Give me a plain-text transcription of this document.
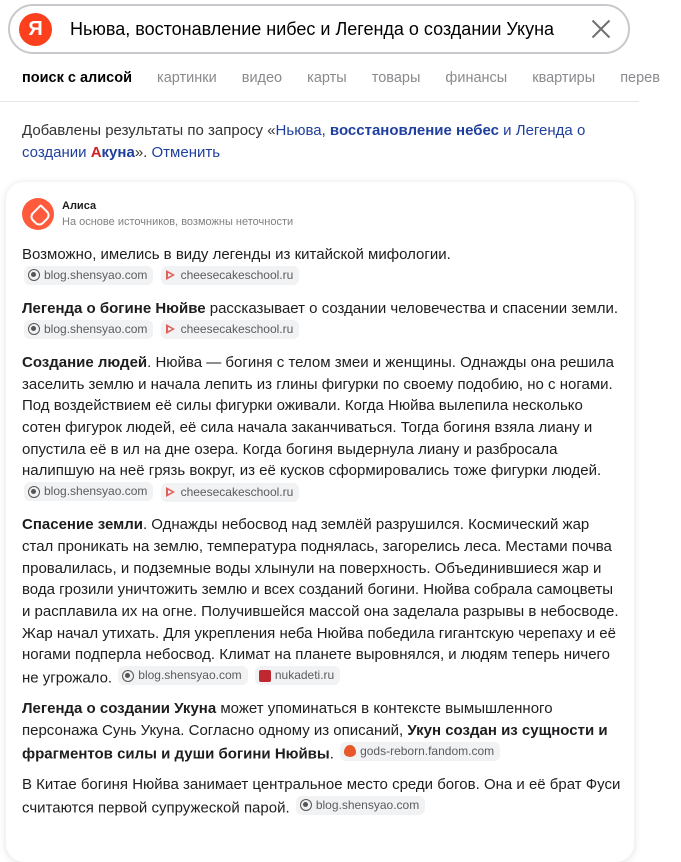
Я
Ньюва, востонавление нибес и Легенда о создании Укуна
поиск с алисой картинки видео карты товары финансы квартиры перев
Добавлены результаты по запросу «Ньюва, восстановление небес и Легенда о создании Акуна». Отменить
Алиса
На основе источников, возможны неточности

Возможно, имелись в виду легенды из китайской мифологии.

blog.shensyao.com
	cheesecakeschool.ru

Легенда о богине Нюйве рассказывает о создании человечества и спасении земли.
blog.shensyao.com
	cheesecakeschool.ru

Создание людей. Нюйва — богиня с телом змеи и женщины. Однажды она решила заселить землю и начала лепить из глины фигурки по своему подобию, но с ногами. Под воздействием её силы фигурки оживали. Когда Нюйва вылепила несколько сотен фигурок людей, её сила начала заканчиваться. Тогда богиня взяла лиану и опустила её в ил на дне озера. Когда богиня выдернула лиану и разбросала налипшую на неё грязь вокруг, из её кусков сформировались тоже фигурки людей.
blog.shensyao.com
	cheesecakeschool.ru

Спасение земли. Однажды небосвод над землёй разрушился. Космический жар стал проникать на землю, температура поднялась, загорелись леса. Местами почва провалилась, и подземные воды хлынули на поверхность. Объединившиеся жар и вода грозили уничтожить землю и всех созданий богини. Нюйва собрала самоцветы и расплавила их на огне. Получившейся массой она заделала разрывы в небосводе. Жар начал утихать. Для укрепления неба Нюйва победила гигантскую черепаху и её ногами подперла небосвод. Климат на планете выровнялся, и людям теперь ничего не угрожало. blog.shensyao.com
	nukadeti.ru

Легенда о создании Укуна может упоминаться в контексте вымышленного персонажа Сунь Укуна. Согласно одному из описаний, Укун создан из сущности и фрагментов силы и души богини Нюйвы. gods-reborn.fandom.com

В Китае богиня Нюйва занимает центральное место среди богов. Она и её брат Фуси считаются первой супружеской парой. blog.shensyao.com
